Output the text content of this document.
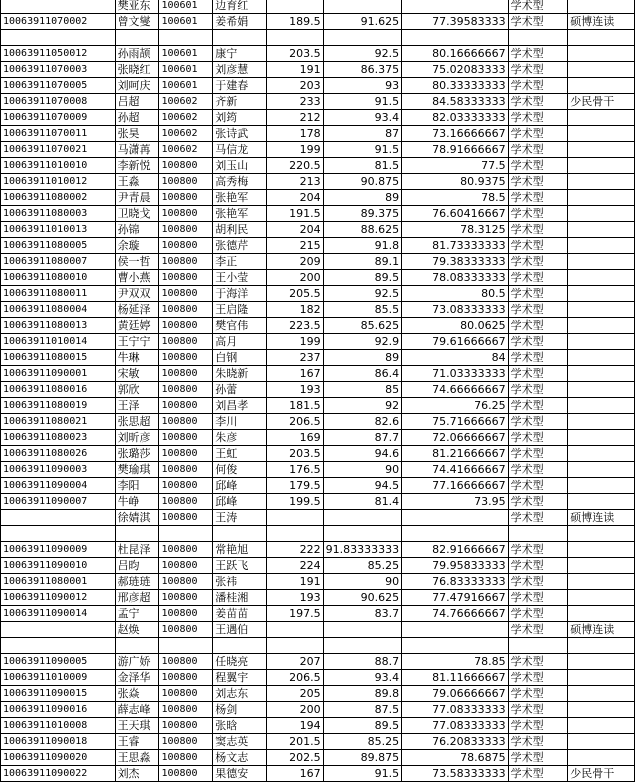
	樊亚东	100601	边育红				学术型	
10063911070002	曾文燮	100601	姜希娟	189.5	91.625	77.39583333	学术型	硕博连读

10063911050012	孙雨颉	100601	康宁	203.5	92.5	80.16666667	学术型	
10063911070003	张晓红	100601	刘彦慧	191	86.375	75.02083333	学术型	
10063911070005	刘呵庆	100601	于建春	203	93	80.33333333	学术型	
10063911070008	吕超	100602	齐新	233	91.5	84.58333333	学术型	少民骨干
10063911070009	孙超	100602	刘筠	212	93.4	82.03333333	学术型	
10063911070011	张昊	100602	张诗武	178	87	73.16666667	学术型	
10063911070021	马潇苒	100602	马信龙	199	91.5	78.91666667	学术型	
10063911010010	李新悦	100800	刘玉山	220.5	81.5	77.5	学术型	
10063911010012	王淼	100800	高秀梅	213	90.875	80.9375	学术型	
10063911080002	尹青晨	100800	张艳军	204	89	78.5	学术型	
10063911080003	卫晓戈	100800	张艳军	191.5	89.375	76.60416667	学术型	
10063911010013	孙锦	100800	胡利民	204	88.625	78.3125	学术型	
10063911080005	余璇	100800	张德芹	215	91.8	81.73333333	学术型	
10063911080007	侯一哲	100800	李正	209	89.1	79.38333333	学术型	
10063911080010	曹小燕	100800	王小莹	200	89.5	78.08333333	学术型	
10063911080011	尹双双	100800	于海洋	205.5	92.5	80.5	学术型	
10063911080004	杨延泽	100800	王启隆	182	85.5	73.08333333	学术型	
10063911080013	黄廷婷	100800	樊官伟	223.5	85.625	80.0625	学术型	
10063911010014	王宁宁	100800	高月	199	92.9	79.61666667	学术型	
10063911080015	牛琳	100800	白钢	237	89	84	学术型	
10063911090001	宋敏	100800	朱晓新	167	86.4	71.03333333	学术型	
10063911080016	郭欣	100800	孙蕾	193	85	74.66666667	学术型	
10063911080019	王泽	100800	刘昌孝	181.5	92	76.25	学术型	
10063911080021	张思超	100800	李川	206.5	82.6	75.71666667	学术型	
10063911080023	刘昕彦	100800	朱彦	169	87.7	72.06666667	学术型	
10063911080026	张璐莎	100800	王虹	203.5	94.6	81.21666667	学术型	
10063911090003	樊瑜琪	100800	何俊	176.5	90	74.41666667	学术型	
10063911090004	李阳	100800	邱峰	179.5	94.5	77.16666667	学术型	
10063911090007	牛峥	100800	邱峰	199.5	81.4	73.95	学术型	
	徐婧淇	100800	王涛				学术型	硕博连读

10063911090009	杜昆泽	100800	常艳旭	222	91.83333333	82.91666667	学术型	
10063911090010	吕昀	100800	王跃飞	224	85.25	79.95833333	学术型	
10063911080001	郝琏琏	100800	张祎	191	90	76.83333333	学术型	
10063911090012	邢彦超	100800	潘桂湘	193	90.625	77.47916667	学术型	
10063911090014	孟宁	100800	姜苗苗	197.5	83.7	74.76666667	学术型	
	赵焕	100800	王遇伯				学术型	硕博连读

10063911090005	游广娇	100800	任晓亮	207	88.7	78.85	学术型	
10063911010009	金泽华	100800	程翼宇	206.5	93.4	81.11666667	学术型	
10063911090015	张焱	100800	刘志东	205	89.8	79.06666667	学术型	
10063911090016	薛志峰	100800	杨剑	200	87.5	77.08333333	学术型	
10063911010008	王天琪	100800	张晗	194	89.5	77.08333333	学术型	
10063911090018	王睿	100800	窦志英	201.5	85.25	76.20833333	学术型	
10063911090020	王思淼	100800	杨文志	202.5	89.875	78.6875	学术型	
10063911090022	刘杰	100800	果德安	167	91.5	73.58333333	学术型	少民骨干
